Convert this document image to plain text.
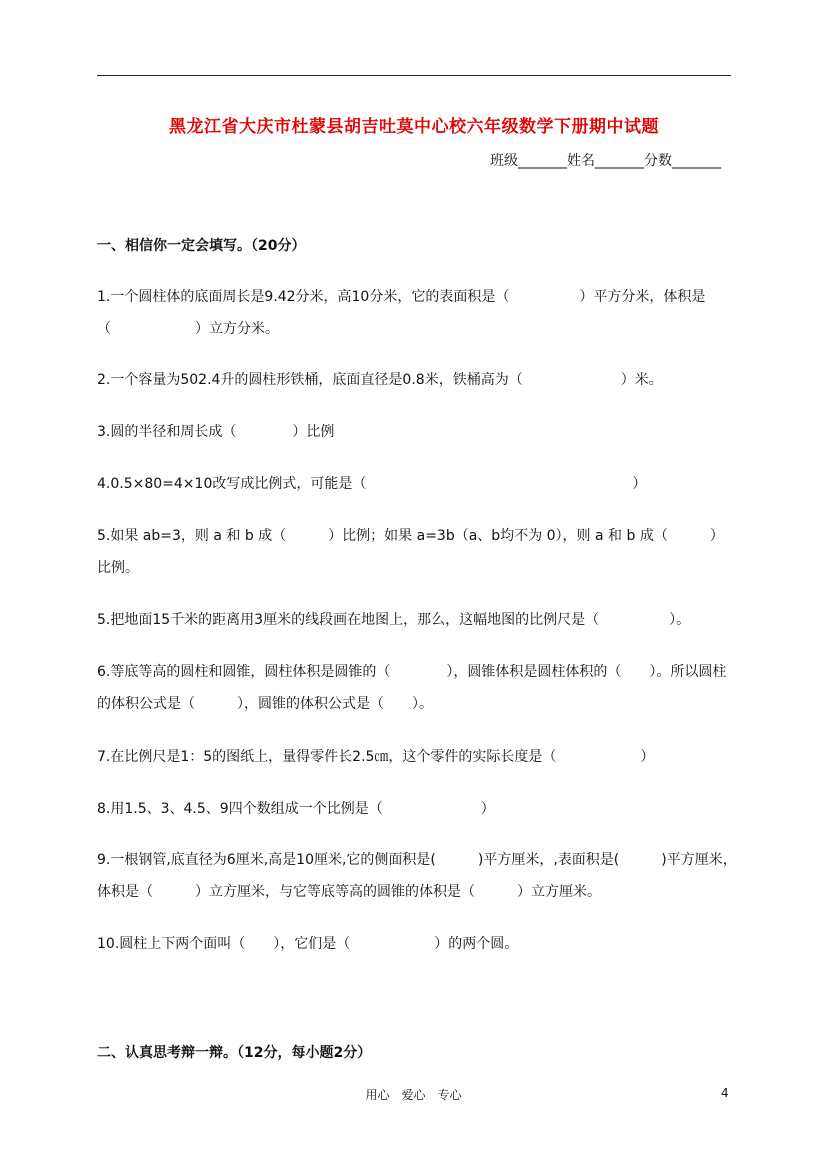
黑龙江省大庆市杜蒙县胡吉吐莫中心校六年级数学下册期中试题
班级_______姓名_______分数_______
一、相信你一定会填写。（20分）
1.一个圆柱体的底面周长是9.42分米，高10分米，它的表面积是（　　　　　）平方分米，体积是（　　　　　　）立方分米。
2.一个容量为502.4升的圆柱形铁桶，底面直径是0.8米，铁桶高为（　　　　　　　）米。
3.圆的半径和周长成（　　　　）比例
4.0.5×80=4×10改写成比例式，可能是（　　　　　　　　　　　　　　　　　　　）
5.如果 ab=3，则 a 和 b 成（　　　）比例；如果 a=3b（a、b均不为 0），则 a 和 b 成（　　　）比例。
5.把地面15千米的距离用3厘米的线段画在地图上，那么，这幅地图的比例尺是（　　　　　）。
6.等底等高的圆柱和圆锥，圆柱体积是圆锥的（　　　　），圆锥体积是圆柱体积的（　　）。所以圆柱的体积公式是（　　　），圆锥的体积公式是（　　）。
7.在比例尺是1：5的图纸上，量得零件长2.5㎝，这个零件的实际长度是（　　　　　　）
8.用1.5、3、4.5、9四个数组成一个比例是（　　　　　　　）
9.一根钢管,底直径为6厘米,高是10厘米,它的侧面积是(　　　)平方厘米，,表面积是(　　　)平方厘米，体积是（　　　）立方厘米，与它等底等高的圆锥的体积是（　　　）立方厘米。
10.圆柱上下两个面叫（　　），它们是（　　　　　　）的两个圆。
二、认真思考辩一辩。（12分，每小题2分）
用心　爱心　专心	4
